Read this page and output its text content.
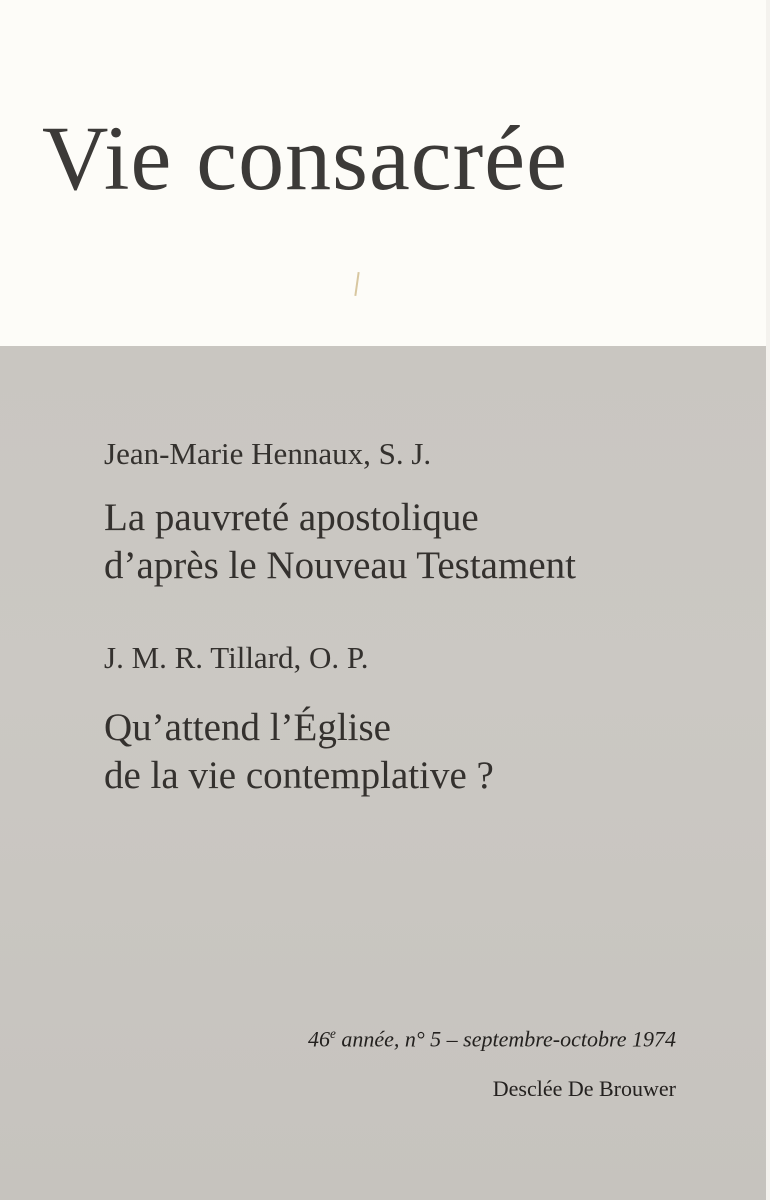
Vie consacrée
Jean-Marie Hennaux, S. J.
La pauvreté apostolique
d’après le Nouveau Testament
J. M. R. Tillard, O. P.
Qu’attend l’Église
de la vie contemplative ?
46e année, n° 5 – septembre-octobre 1974
Desclée De Brouwer
